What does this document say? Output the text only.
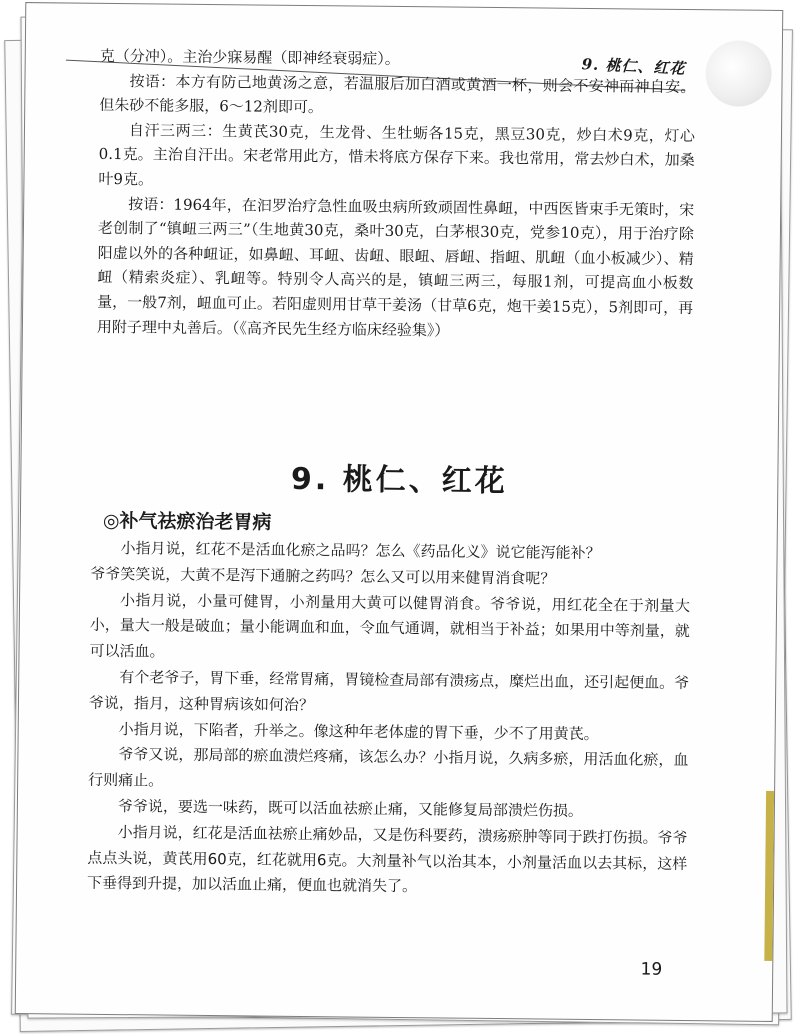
9. 桃仁、红花

克（分冲）。主治少寐易醒（即神经衰弱症）。

按语：本方有防己地黄汤之意，若温服后加白酒或黄酒一杯，则会不安神而神自安。但朱砂不能多服，6～12剂即可。

自汗三两三：生黄芪30克，生龙骨、生牡蛎各15克，黑豆30克，炒白术9克，灯心0.1克。主治自汗出。宋老常用此方，惜未将底方保存下来。我也常用，常去炒白术，加桑叶9克。

按语：1964年，在汩罗治疗急性血吸虫病所致顽固性鼻衄，中西医皆束手无策时，宋老创制了“镇衄三两三”（生地黄30克，桑叶30克，白茅根30克，党参10克），用于治疗除阳虚以外的各种衄证，如鼻衄、耳衄、齿衄、眼衄、唇衄、指衄、肌衄（血小板减少）、精衄（精索炎症）、乳衄等。特别令人高兴的是，镇衄三两三，每服1剂，可提高血小板数量，一般7剂，衄血可止。若阳虚则用甘草干姜汤（甘草6克，炮干姜15克），5剂即可，再用附子理中丸善后。（《高齐民先生经方临床经验集》）

9. 桃仁、红花
◎补气祛瘀治老胃病

小指月说，红花不是活血化瘀之品吗？怎么《药品化义》说它能泻能补？

爷爷笑笑说，大黄不是泻下通腑之药吗？怎么又可以用来健胃消食呢？

小指月说，小量可健胃，小剂量用大黄可以健胃消食。爷爷说，用红花全在于剂量大小，量大一般是破血；量小能调血和血，令血气通调，就相当于补益；如果用中等剂量，就可以活血。

有个老爷子，胃下垂，经常胃痛，胃镜检查局部有溃疡点，糜烂出血，还引起便血。爷爷说，指月，这种胃病该如何治？

小指月说，下陷者，升举之。像这种年老体虚的胃下垂，少不了用黄芪。

爷爷又说，那局部的瘀血溃烂疼痛，该怎么办？小指月说，久病多瘀，用活血化瘀，血行则痛止。

爷爷说，要选一味药，既可以活血祛瘀止痛，又能修复局部溃烂伤损。

小指月说，红花是活血祛瘀止痛妙品，又是伤科要药，溃疡瘀肿等同于跌打伤损。爷爷点点头说，黄芪用60克，红花就用6克。大剂量补气以治其本，小剂量活血以去其标，这样下垂得到升提，加以活血止痛，便血也就消失了。

19
